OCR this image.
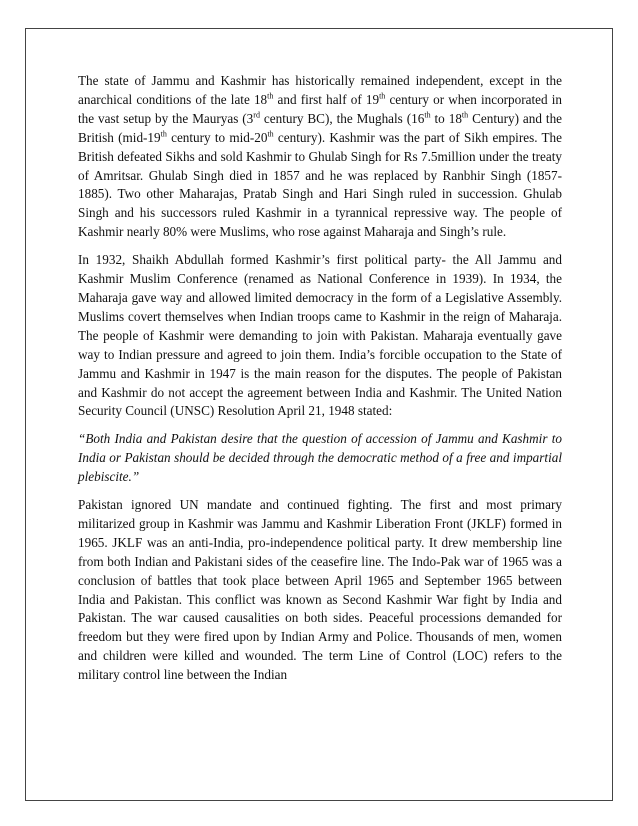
The state of Jammu and Kashmir has historically remained independent, except in the anarchical conditions of the late 18th and first half of 19th century or when incorporated in the vast setup by the Mauryas (3rd century BC), the Mughals (16th to 18th Century) and the British (mid-19th century to mid-20th century). Kashmir was the part of Sikh empires. The British defeated Sikhs and sold Kashmir to Ghulab Singh for Rs 7.5million under the treaty of Amritsar. Ghulab Singh died in 1857 and he was replaced by Ranbhir Singh (1857-1885). Two other Maharajas, Pratab Singh and Hari Singh ruled in succession. Ghulab Singh and his successors ruled Kashmir in a tyrannical repressive way. The people of Kashmir nearly 80% were Muslims, who rose against Maharaja and Singh’s rule.

In 1932, Shaikh Abdullah formed Kashmir’s first political party- the All Jammu and Kashmir Muslim Conference (renamed as National Conference in 1939). In 1934, the Maharaja gave way and allowed limited democracy in the form of a Legislative Assembly. Muslims covert themselves when Indian troops came to Kashmir in the reign of Maharaja. The people of Kashmir were demanding to join with Pakistan. Maharaja eventually gave way to Indian pressure and agreed to join them. India’s forcible occupation to the State of Jammu and Kashmir in 1947 is the main reason for the disputes. The people of Pakistan and Kashmir do not accept the agreement between India and Kashmir. The United Nation Security Council (UNSC) Resolution April 21, 1948 stated:

“Both India and Pakistan desire that the question of accession of Jammu and Kashmir to India or Pakistan should be decided through the democratic method of a free and impartial plebiscite.”

Pakistan ignored UN mandate and continued fighting. The first and most primary militarized group in Kashmir was Jammu and Kashmir Liberation Front (JKLF) formed in 1965. JKLF was an anti-India, pro-independence political party. It drew membership line from both Indian and Pakistani sides of the ceasefire line. The Indo-Pak war of 1965 was a conclusion of battles that took place between April 1965 and September 1965 between India and Pakistan. This conflict was known as Second Kashmir War fight by India and Pakistan. The war caused causalities on both sides. Peaceful processions demanded for freedom but they were fired upon by Indian Army and Police. Thousands of men, women and children were killed and wounded. The term Line of Control (LOC) refers to the military control line between the Indian
